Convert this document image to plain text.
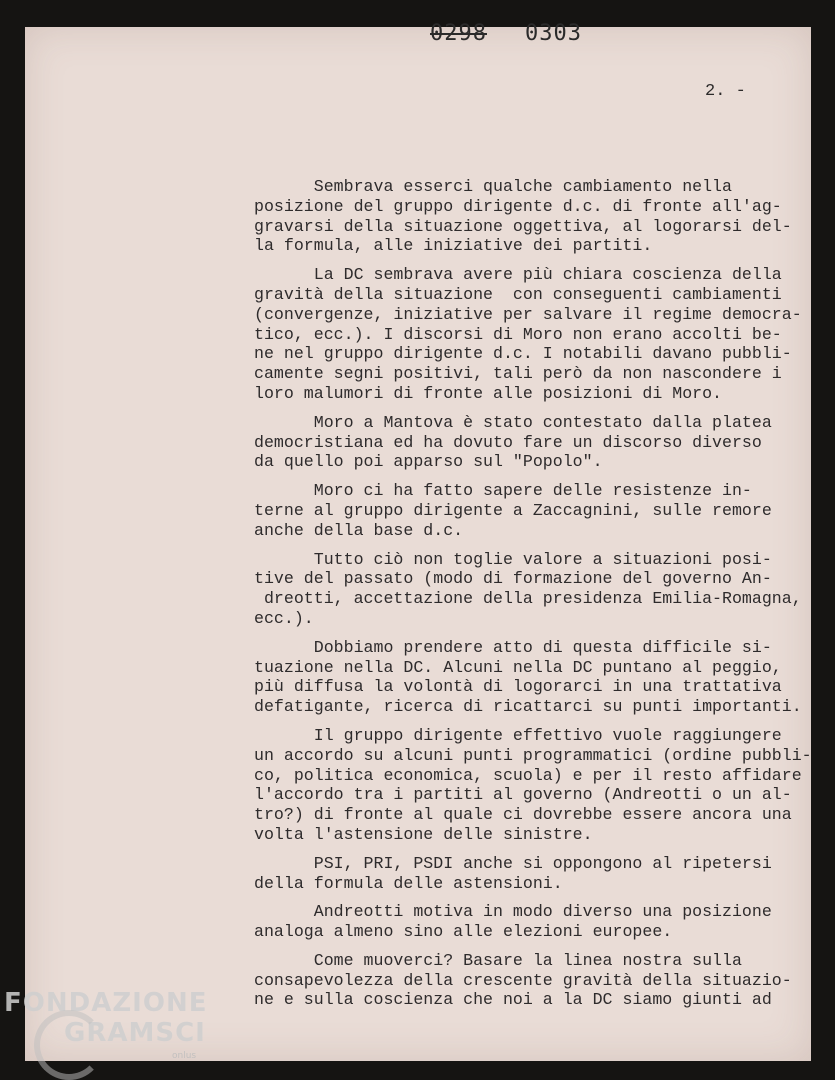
0298 0303
2. -
Sembrava esserci qualche cambiamento nella
posizione del gruppo dirigente d.c. di fronte all'ag-
gravarsi della situazione oggettiva, al logorarsi del-
la formula, alle iniziative dei partiti.
La DC sembrava avere più chiara coscienza della
gravità della situazione  con conseguenti cambiamenti
(convergenze, iniziative per salvare il regime democra-
tico, ecc.). I discorsi di Moro non erano accolti be-
ne nel gruppo dirigente d.c. I notabili davano pubbli-
camente segni positivi, tali però da non nascondere i
loro malumori di fronte alle posizioni di Moro.
Moro a Mantova è stato contestato dalla platea
democristiana ed ha dovuto fare un discorso diverso
da quello poi apparso sul "Popolo".
Moro ci ha fatto sapere delle resistenze in-
terne al gruppo dirigente a Zaccagnini, sulle remore
anche della base d.c.
Tutto ciò non toglie valore a situazioni posi-
tive del passato (modo di formazione del governo An-
dreotti, accettazione della presidenza Emilia-Romagna,
ecc.).
Dobbiamo prendere atto di questa difficile si-
tuazione nella DC. Alcuni nella DC puntano al peggio,
più diffusa la volontà di logorarci in una trattativa
defatigante, ricerca di ricattarci su punti importanti.
Il gruppo dirigente effettivo vuole raggiungere
un accordo su alcuni punti programmatici (ordine pubbli-
co, politica economica, scuola) e per il resto affidare
l'accordo tra i partiti al governo (Andreotti o un al-
tro?) di fronte al quale ci dovrebbe essere ancora una
volta l'astensione delle sinistre.
PSI, PRI, PSDI anche si oppongono al ripetersi
della formula delle astensioni.
Andreotti motiva in modo diverso una posizione
analoga almeno sino alle elezioni europee.
Come muoverci? Basare la linea nostra sulla
consapevolezza della crescente gravità della situazio-
ne e sulla coscienza che noi a la DC siamo giunti ad
FONDAZIONE
GRAMSCI
onlus
